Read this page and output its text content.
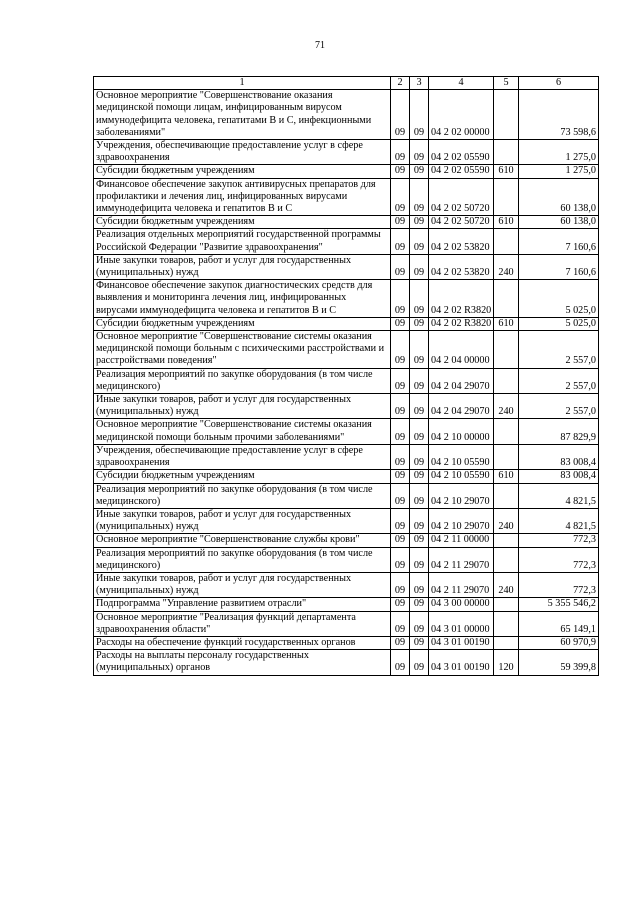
71
1	2	3	4	5	6
Основное мероприятие "Совершенствование оказания медицинской помощи лицам, инфицированным вирусом иммунодефицита человека, гепатитами В и С, инфекционными заболеваниями"	09	09	04 2 02 00000		73 598,6
Учреждения, обеспечивающие предоставление услуг в сфере здравоохранения	09	09	04 2 02 05590		1 275,0
Субсидии бюджетным учреждениям	09	09	04 2 02 05590	610	1 275,0
Финансовое обеспечение закупок антивирусных препаратов для профилактики и лечения лиц, инфицированных вирусами иммунодефицита человека и гепатитов В и С	09	09	04 2 02 50720		60 138,0
Субсидии бюджетным учреждениям	09	09	04 2 02 50720	610	60 138,0
Реализация отдельных мероприятий государственной программы Российской Федерации "Развитие здравоохранения"	09	09	04 2 02 53820		7 160,6
Иные закупки товаров, работ и услуг для государственных (муниципальных) нужд	09	09	04 2 02 53820	240	7 160,6
Финансовое обеспечение закупок диагностических средств для выявления и мониторинга лечения лиц, инфицированных вирусами иммунодефицита человека и гепатитов В и С	09	09	04 2 02 R3820		5 025,0
Субсидии бюджетным учреждениям	09	09	04 2 02 R3820	610	5 025,0
Основное мероприятие "Совершенствование системы оказания медицинской помощи больным с психическими расстройствами и расстройствами поведения"	09	09	04 2 04 00000		2 557,0
Реализация мероприятий по закупке оборудования (в том числе медицинского)	09	09	04 2 04 29070		2 557,0
Иные закупки товаров, работ и услуг для государственных (муниципальных) нужд	09	09	04 2 04 29070	240	2 557,0
Основное мероприятие "Совершенствование системы оказания медицинской помощи больным прочими заболеваниями"	09	09	04 2 10 00000		87 829,9
Учреждения, обеспечивающие предоставление услуг в сфере здравоохранения	09	09	04 2 10 05590		83 008,4
Субсидии бюджетным учреждениям	09	09	04 2 10 05590	610	83 008,4
Реализация мероприятий по закупке оборудования (в том числе медицинского)	09	09	04 2 10 29070		4 821,5
Иные закупки товаров, работ и услуг для государственных (муниципальных) нужд	09	09	04 2 10 29070	240	4 821,5
Основное мероприятие "Совершенствование службы крови"	09	09	04 2 11 00000		772,3
Реализация мероприятий по закупке оборудования (в том числе медицинского)	09	09	04 2 11 29070		772,3
Иные закупки товаров, работ и услуг для государственных (муниципальных) нужд	09	09	04 2 11 29070	240	772,3
Подпрограмма "Управление развитием отрасли"	09	09	04 3 00 00000		5 355 546,2
Основное мероприятие "Реализация функций департамента здравоохранения области"	09	09	04 3 01 00000		65 149,1
Расходы на обеспечение функций государственных органов	09	09	04 3 01 00190		60 970,9
Расходы на выплаты персоналу государственных (муниципальных) органов	09	09	04 3 01 00190	120	59 399,8
